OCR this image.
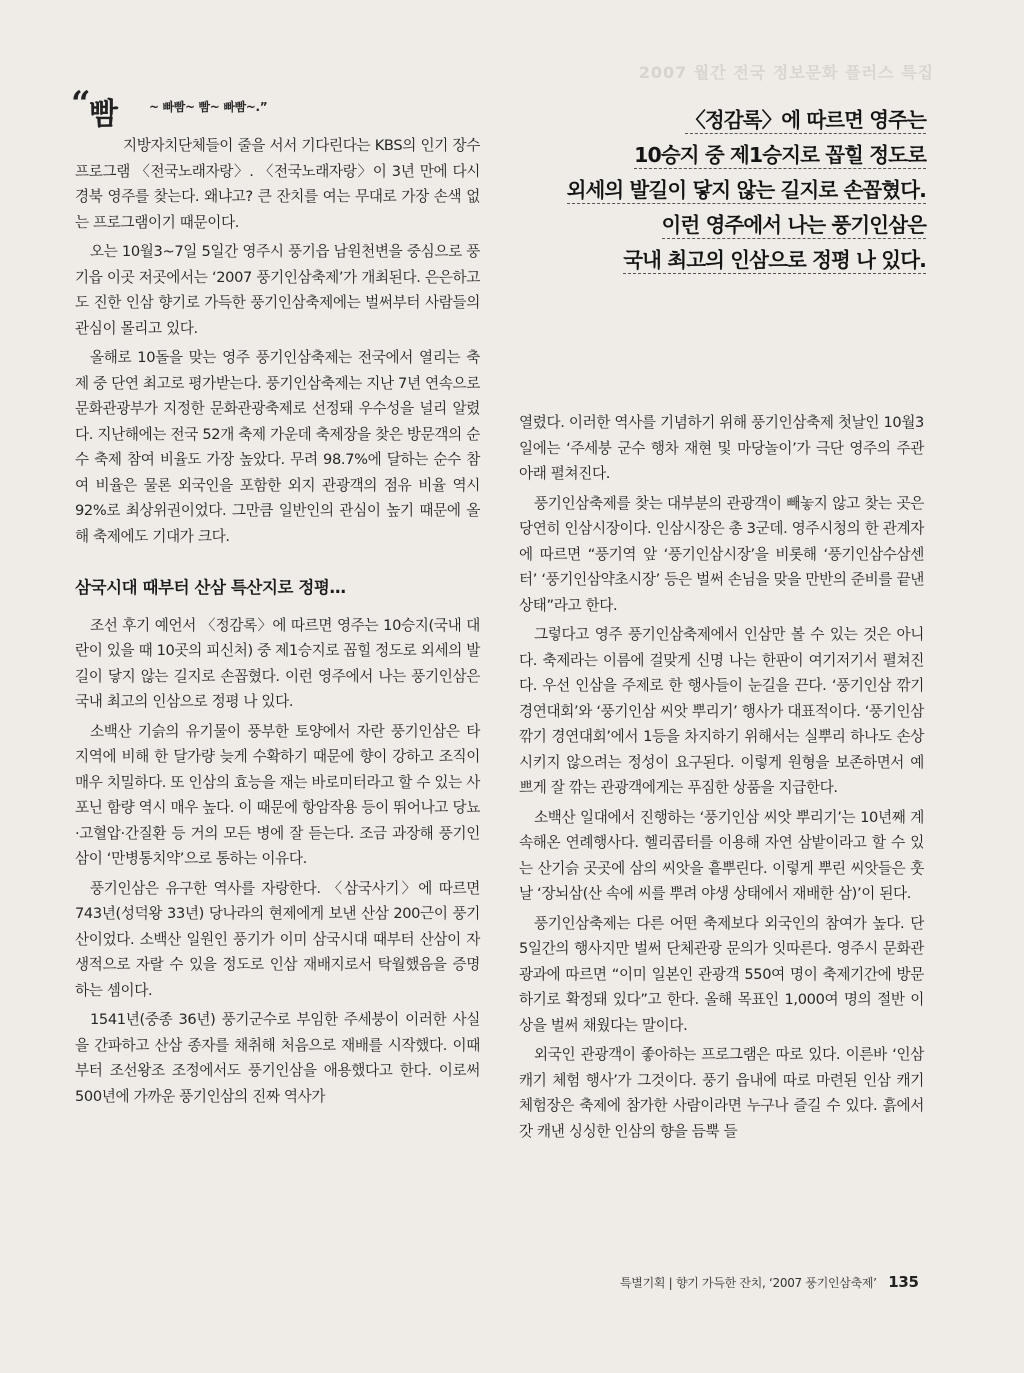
2007 월간 전국 정보문화 플러스 특집
“
빰	~ 빠빰~ 빰~ 빠빰~.”

지방자치단체들이 줄을 서서 기다린다는 KBS의 인기 장수 프로그램 〈전국노래자랑〉. 〈전국노래자랑〉이 3년 만에 다시 경북 영주를 찾는다. 왜냐고? 큰 잔치를 여는 무대로 가장 손색 없는 프로그램이기 때문이다.

오는 10월3~7일 5일간 영주시 풍기읍 남원천변을 중심으로 풍기읍 이곳 저곳에서는 ‘2007 풍기인삼축제’가 개최된다. 은은하고도 진한 인삼 향기로 가득한 풍기인삼축제에는 벌써부터 사람들의 관심이 몰리고 있다.

올해로 10돌을 맞는 영주 풍기인삼축제는 전국에서 열리는 축제 중 단연 최고로 평가받는다. 풍기인삼축제는 지난 7년 연속으로 문화관광부가 지정한 문화관광축제로 선정돼 우수성을 널리 알렸다. 지난해에는 전국 52개 축제 가운데 축제장을 찾은 방문객의 순수 축제 참여 비율도 가장 높았다. 무려 98.7%에 달하는 순수 참여 비율은 물론 외국인을 포함한 외지 관광객의 점유 비율 역시 92%로 최상위권이었다. 그만큼 일반인의 관심이 높기 때문에 올해 축제에도 기대가 크다.

삼국시대 때부터 산삼 특산지로 정평…

조선 후기 예언서 〈정감록〉에 따르면 영주는 10승지(국내 대란이 있을 때 10곳의 피신처) 중 제1승지로 꼽힐 정도로 외세의 발길이 닿지 않는 길지로 손꼽혔다. 이런 영주에서 나는 풍기인삼은 국내 최고의 인삼으로 정평 나 있다.

소백산 기슭의 유기물이 풍부한 토양에서 자란 풍기인삼은 타 지역에 비해 한 달가량 늦게 수확하기 때문에 향이 강하고 조직이 매우 치밀하다. 또 인삼의 효능을 재는 바로미터라고 할 수 있는 사포닌 함량 역시 매우 높다. 이 때문에 항암작용 등이 뛰어나고 당뇨·고혈압·간질환 등 거의 모든 병에 잘 듣는다. 조금 과장해 풍기인삼이 ‘만병통치약’으로 통하는 이유다.

풍기인삼은 유구한 역사를 자랑한다. 〈삼국사기〉에 따르면 743년(성덕왕 33년) 당나라의 현제에게 보낸 산삼 200근이 풍기산이었다. 소백산 일원인 풍기가 이미 삼국시대 때부터 산삼이 자생적으로 자랄 수 있을 정도로 인삼 재배지로서 탁월했음을 증명하는 셈이다.

1541년(중종 36년) 풍기군수로 부임한 주세붕이 이러한 사실을 간파하고 산삼 종자를 채취해 처음으로 재배를 시작했다. 이때부터 조선왕조 조정에서도 풍기인삼을 애용했다고 한다. 이로써 500년에 가까운 풍기인삼의 진짜 역사가

〈정감록〉에 따르면 영주는
10승지 중 제1승지로 꼽힐 정도로
외세의 발길이 닿지 않는 길지로 손꼽혔다.
이런 영주에서 나는 풍기인삼은
국내 최고의 인삼으로 정평 나 있다.

열렸다. 이러한 역사를 기념하기 위해 풍기인삼축제 첫날인 10월3일에는 ‘주세붕 군수 행차 재현 및 마당놀이’가 극단 영주의 주관 아래 펼쳐진다.

풍기인삼축제를 찾는 대부분의 관광객이 빼놓지 않고 찾는 곳은 당연히 인삼시장이다. 인삼시장은 총 3군데. 영주시청의 한 관계자에 따르면 “풍기역 앞 ‘풍기인삼시장’을 비롯해 ‘풍기인삼수삼센터’ ‘풍기인삼약초시장’ 등은 벌써 손님을 맞을 만반의 준비를 끝낸 상태”라고 한다.

그렇다고 영주 풍기인삼축제에서 인삼만 볼 수 있는 것은 아니다. 축제라는 이름에 걸맞게 신명 나는 한판이 여기저기서 펼쳐진다. 우선 인삼을 주제로 한 행사들이 눈길을 끈다. ‘풍기인삼 깎기 경연대회’와 ‘풍기인삼 씨앗 뿌리기’ 행사가 대표적이다. ‘풍기인삼 깎기 경연대회’에서 1등을 차지하기 위해서는 실뿌리 하나도 손상시키지 않으려는 정성이 요구된다. 이렇게 원형을 보존하면서 예쁘게 잘 깎는 관광객에게는 푸짐한 상품을 지급한다.

소백산 일대에서 진행하는 ‘풍기인삼 씨앗 뿌리기’는 10년째 계속해온 연례행사다. 헬리콥터를 이용해 자연 삼밭이라고 할 수 있는 산기슭 곳곳에 삼의 씨앗을 흩뿌린다. 이렇게 뿌린 씨앗들은 훗날 ‘장뇌삼(산 속에 씨를 뿌려 야생 상태에서 재배한 삼)’이 된다.

풍기인삼축제는 다른 어떤 축제보다 외국인의 참여가 높다. 단 5일간의 행사지만 벌써 단체관광 문의가 잇따른다. 영주시 문화관광과에 따르면 “이미 일본인 관광객 550여 명이 축제기간에 방문하기로 확정돼 있다”고 한다. 올해 목표인 1,000여 명의 절반 이상을 벌써 채웠다는 말이다.

외국인 관광객이 좋아하는 프로그램은 따로 있다. 이른바 ‘인삼 캐기 체험 행사’가 그것이다. 풍기 읍내에 따로 마련된 인삼 캐기 체험장은 축제에 참가한 사람이라면 누구나 즐길 수 있다. 흙에서 갓 캐낸 싱싱한 인삼의 향을 듬뿍 들

특별기획 | 향기 가득한 잔치, ‘2007 풍기인삼축제’ 135
